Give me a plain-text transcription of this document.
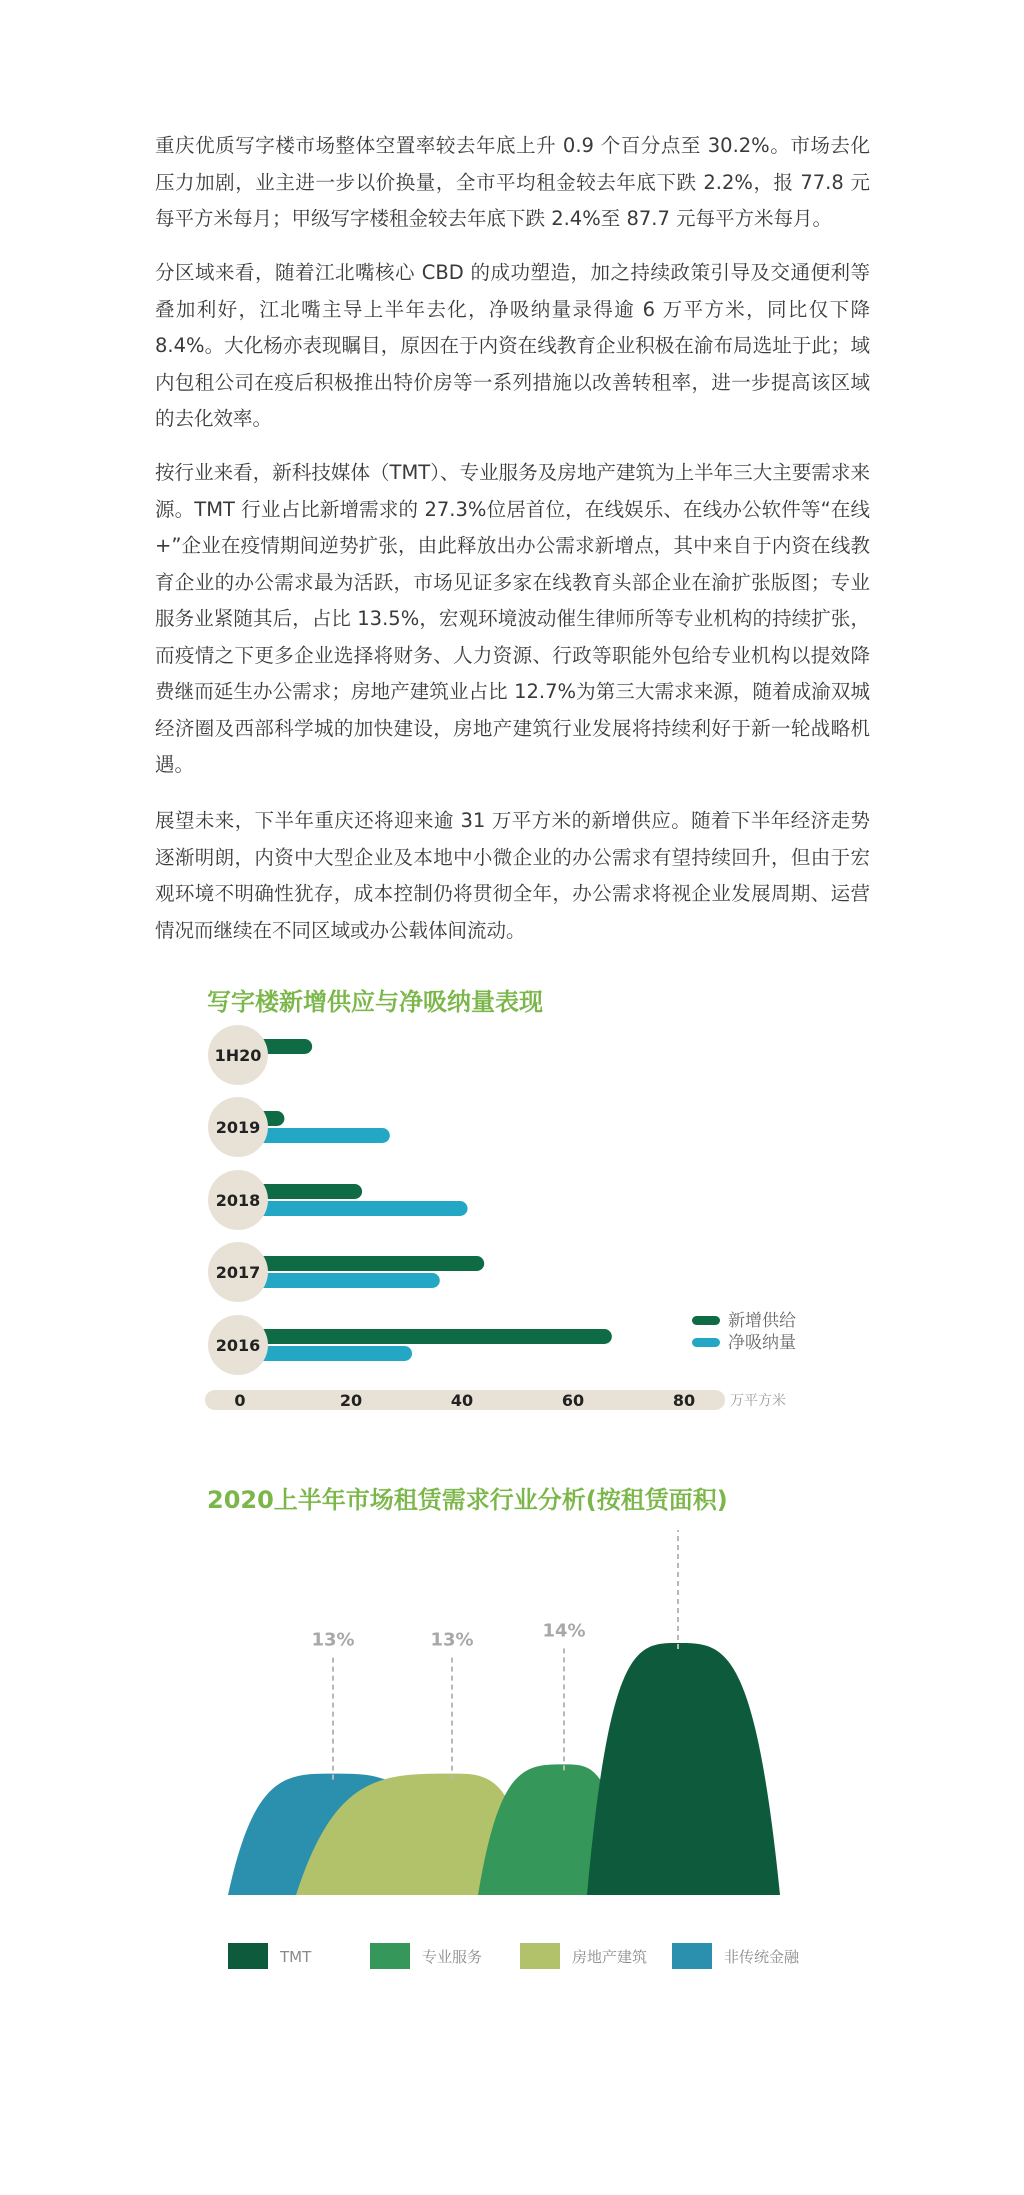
重庆优质写字楼市场整体空置率较去年底上升 0.9 个百分点至 30.2%。市场去化压力加剧，业主进一步以价换量，全市平均租金较去年底下跌 2.2%，报 77.8 元每平方米每月；甲级写字楼租金较去年底下跌 2.4%至 87.7 元每平方米每月。

分区域来看，随着江北嘴核心 CBD 的成功塑造，加之持续政策引导及交通便利等叠加利好，江北嘴主导上半年去化，净吸纳量录得逾 6 万平方米，同比仅下降 8.4%。大化杨亦表现瞩目，原因在于内资在线教育企业积极在渝布局选址于此；域内包租公司在疫后积极推出特价房等一系列措施以改善转租率，进一步提高该区域的去化效率。

按行业来看，新科技媒体（TMT）、专业服务及房地产建筑为上半年三大主要需求来源。TMT 行业占比新增需求的 27.3%位居首位，在线娱乐、在线办公软件等“在线+”企业在疫情期间逆势扩张，由此释放出办公需求新增点，其中来自于内资在线教育企业的办公需求最为活跃，市场见证多家在线教育头部企业在渝扩张版图；专业服务业紧随其后，占比 13.5%，宏观环境波动催生律师所等专业机构的持续扩张，而疫情之下更多企业选择将财务、人力资源、行政等职能外包给专业机构以提效降费继而延生办公需求；房地产建筑业占比 12.7%为第三大需求来源，随着成渝双城经济圈及西部科学城的加快建设，房地产建筑行业发展将持续利好于新一轮战略机遇。

展望未来，下半年重庆还将迎来逾 31 万平方米的新增供应。随着下半年经济走势逐渐明朗，内资中大型企业及本地中小微企业的办公需求有望持续回升，但由于宏观环境不明确性犹存，成本控制仍将贯彻全年，办公需求将视企业发展周期、运营情况而继续在不同区域或办公载体间流动。

写字楼新增供应与净吸纳量表现
0	20	40	60	80 万平方米
1H20
2019
2018
2017
2016
新增供给
净吸纳量
2020上半年市场租赁需求行业分析(按租赁面积)
13%	13%	14%
TMT	专业服务	房地产建筑	非传统金融
